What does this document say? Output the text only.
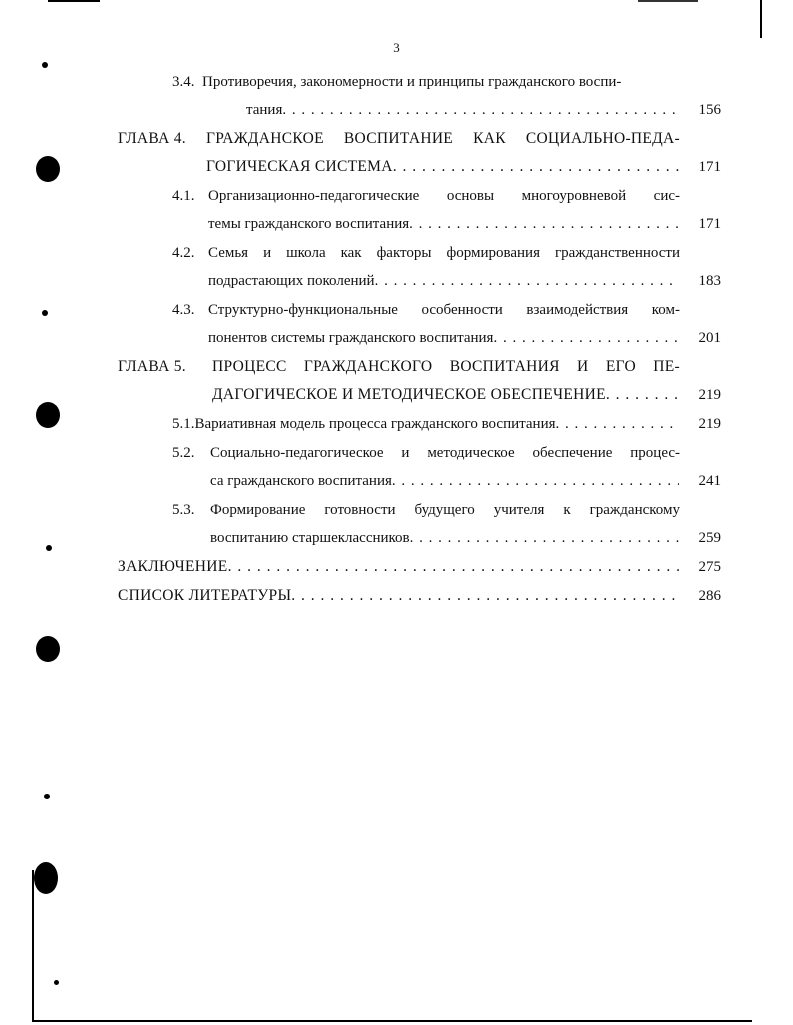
3
3.4. Противоречия, закономерности и принципы гражданского воспи-
тания . . .	156
ГЛАВА 4.	ГРАЖДАНСКОЕ ВОСПИТАНИЕ КАК СОЦИАЛЬНО-ПЕДА-
ГОГИЧЕСКАЯ СИСТЕМА . . .	171
4.1. Организационно-педагогические основы многоуровневой сис-
темы гражданского воспитания . . .	171
4.2. Семья и школа как факторы формирования гражданственности
подрастающих поколений . . .	183
4.3. Структурно-функциональные особенности взаимодействия ком-
понентов системы гражданского воспитания . . .	201
ГЛАВА 5.	ПРОЦЕСС ГРАЖДАНСКОГО ВОСПИТАНИЯ И ЕГО ПЕ-
ДАГОГИЧЕСКОЕ И МЕТОДИЧЕСКОЕ ОБЕСПЕЧЕНИЕ . . .	219
5.1. Вариативная модель процесса гражданского воспитания . . .	219
5.2.	Социально-педагогическое и методическое обеспечение процес-
са гражданского воспитания . . .	241
5.3.	Формирование готовности будущего учителя к гражданскому
воспитанию старшеклассников . . .	259
ЗАКЛЮЧЕНИЕ . . .	275
СПИСОК ЛИТЕРАТУРЫ . . .	286
